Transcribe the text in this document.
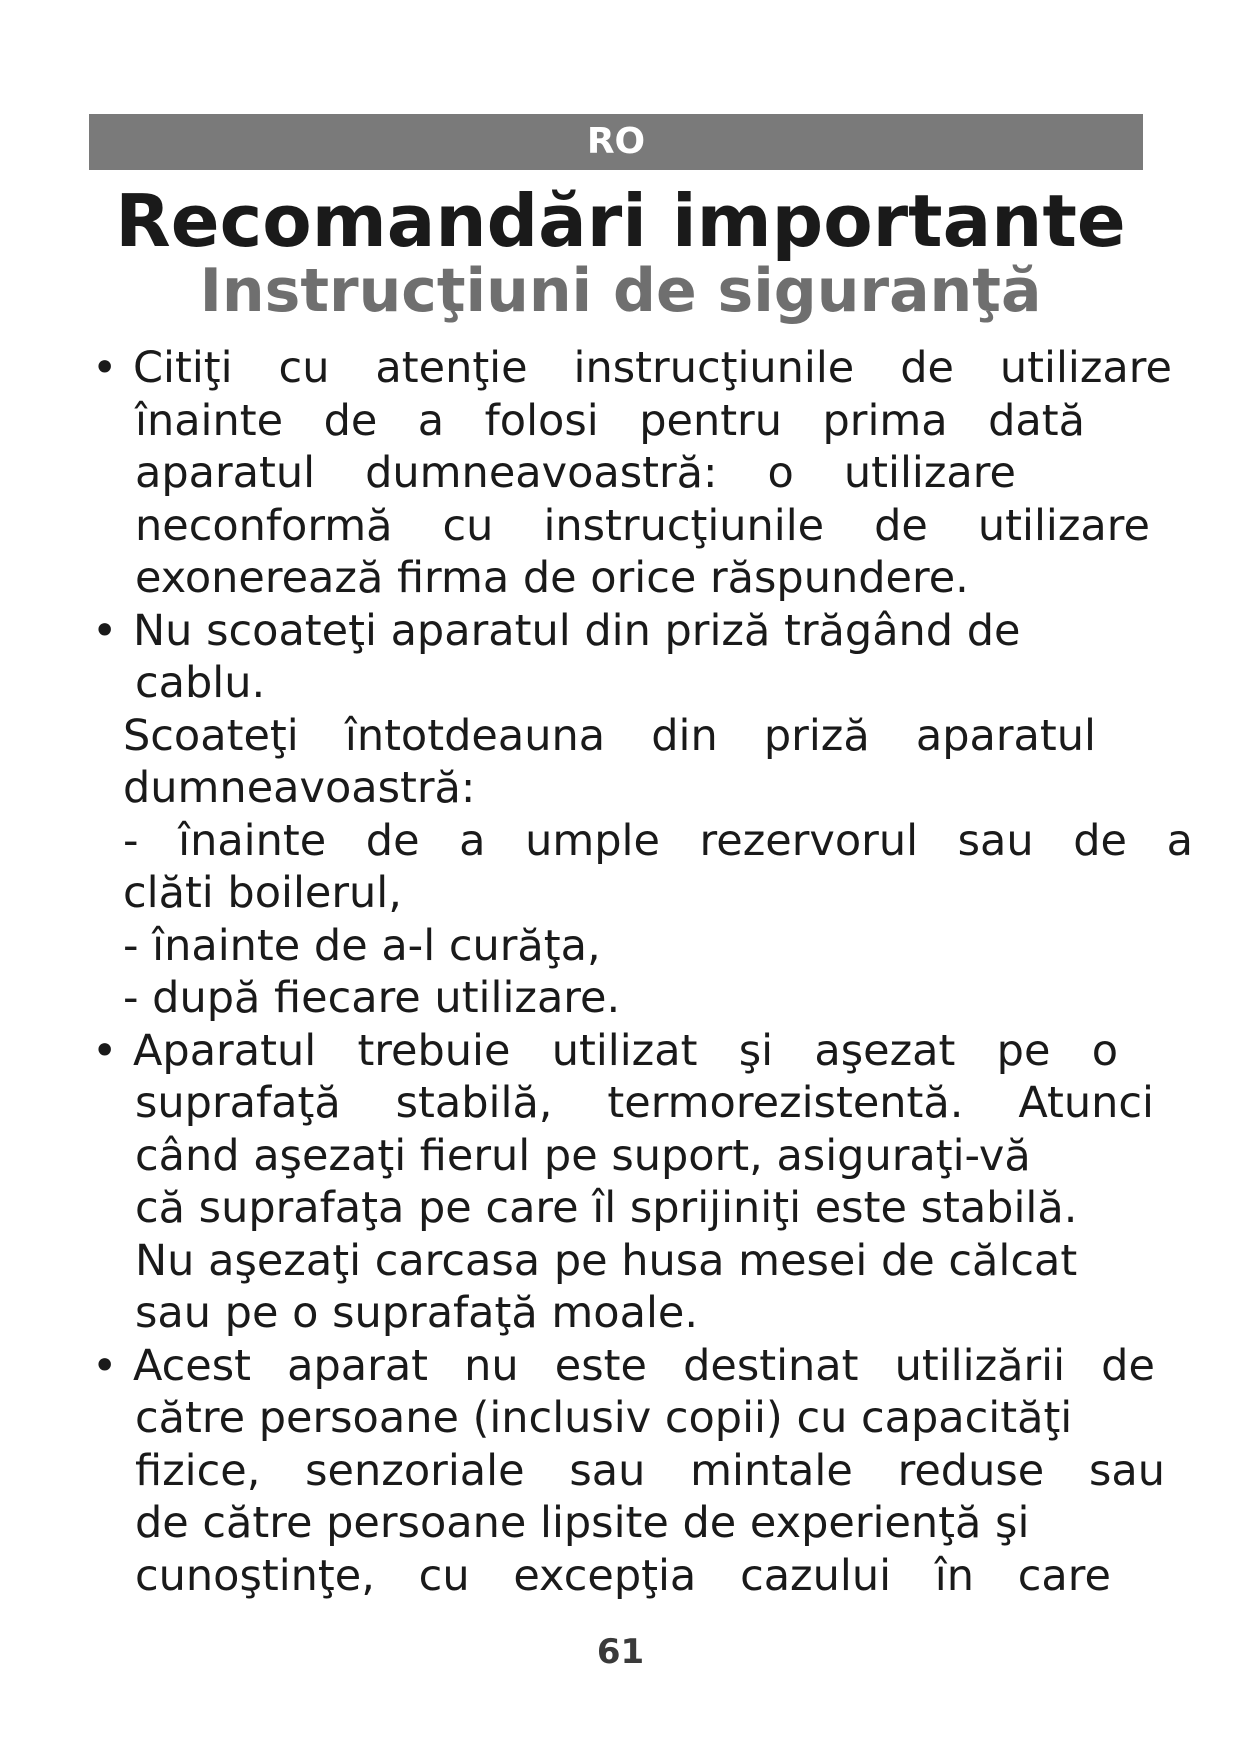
RO
Recomandări importante
Instrucţiuni de siguranţă
• Citiţi cu atenţie instrucţiunile de utilizare
înainte de a folosi pentru prima dată
aparatul dumneavoastră: o utilizare
neconformă cu instrucţiunile de utilizare
exonerează firma de orice răspundere.
• Nu scoateţi aparatul din priză trăgând de
cablu.
Scoateţi întotdeauna din priză aparatul
dumneavoastră:
- înainte de a umple rezervorul sau de a
clăti boilerul,
- înainte de a-l curăţa,
- după fiecare utilizare.
• Aparatul trebuie utilizat şi aşezat pe o
suprafaţă stabilă, termorezistentă. Atunci
când aşezaţi fierul pe suport, asiguraţi-vă
că suprafaţa pe care îl sprijiniţi este stabilă.
Nu aşezaţi carcasa pe husa mesei de călcat
sau pe o suprafaţă moale.
• Acest aparat nu este destinat utilizării de
către persoane (inclusiv copii) cu capacităţi
fizice, senzoriale sau mintale reduse sau
de către persoane lipsite de experienţă şi
cunoştinţe, cu excepţia cazului în care
61
